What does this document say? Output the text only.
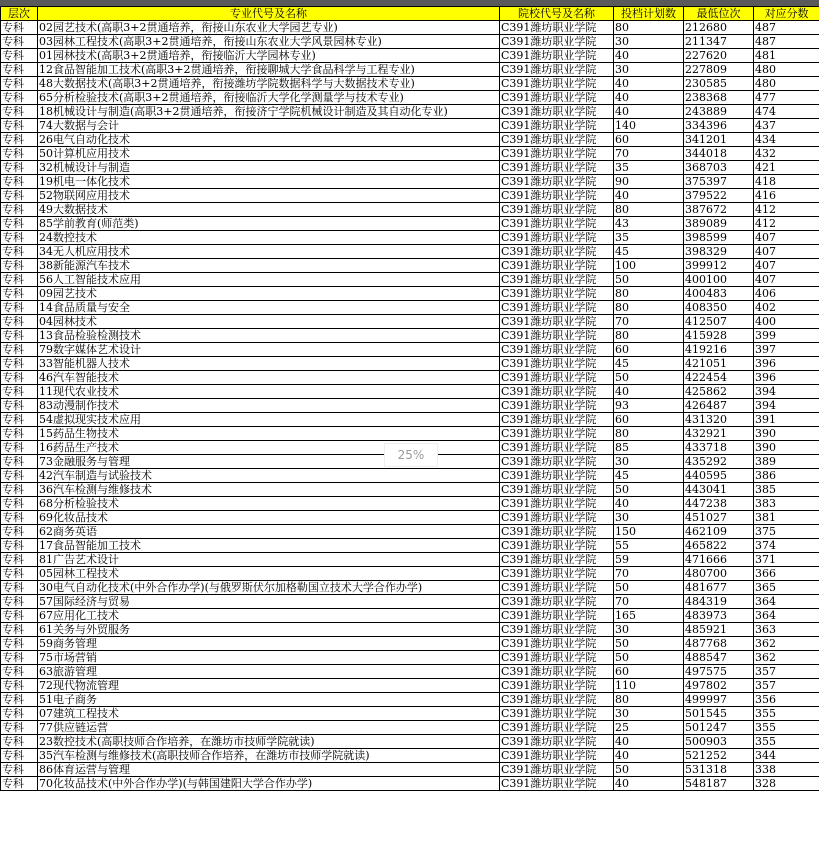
层次	专业代号及名称	院校代号及名称	投档计划数	最低位次	对应分数
专科	02园艺技术(高职3+2贯通培养，衔接山东农业大学园艺专业)	C391潍坊职业学院	80	212680	487
专科	03园林工程技术(高职3+2贯通培养，衔接山东农业大学风景园林专业)	C391潍坊职业学院	30	211347	487
专科	01园林技术(高职3+2贯通培养，衔接临沂大学园林专业)	C391潍坊职业学院	40	227620	481
专科	12食品智能加工技术(高职3+2贯通培养，衔接聊城大学食品科学与工程专业)	C391潍坊职业学院	30	227809	480
专科	48大数据技术(高职3+2贯通培养，衔接潍坊学院数据科学与大数据技术专业)	C391潍坊职业学院	40	230585	480
专科	65分析检验技术(高职3+2贯通培养，衔接临沂大学化学测量学与技术专业)	C391潍坊职业学院	40	238368	477
专科	18机械设计与制造(高职3+2贯通培养，衔接济宁学院机械设计制造及其自动化专业)	C391潍坊职业学院	40	243889	474
专科	74大数据与会计	C391潍坊职业学院	140	334396	437
专科	26电气自动化技术	C391潍坊职业学院	60	341201	434
专科	50计算机应用技术	C391潍坊职业学院	70	344018	432
专科	32机械设计与制造	C391潍坊职业学院	35	368703	421
专科	19机电一体化技术	C391潍坊职业学院	90	375397	418
专科	52物联网应用技术	C391潍坊职业学院	40	379522	416
专科	49大数据技术	C391潍坊职业学院	80	387672	412
专科	85学前教育(师范类)	C391潍坊职业学院	43	389089	412
专科	24数控技术	C391潍坊职业学院	35	398599	407
专科	34无人机应用技术	C391潍坊职业学院	45	398329	407
专科	38新能源汽车技术	C391潍坊职业学院	100	399912	407
专科	56人工智能技术应用	C391潍坊职业学院	50	400100	407
专科	09园艺技术	C391潍坊职业学院	80	400483	406
专科	14食品质量与安全	C391潍坊职业学院	80	408350	402
专科	04园林技术	C391潍坊职业学院	70	412507	400
专科	13食品检验检测技术	C391潍坊职业学院	80	415928	399
专科	79数字媒体艺术设计	C391潍坊职业学院	60	419216	397
专科	33智能机器人技术	C391潍坊职业学院	45	421051	396
专科	46汽车智能技术	C391潍坊职业学院	50	422454	396
专科	11现代农业技术	C391潍坊职业学院	40	425862	394
专科	83动漫制作技术	C391潍坊职业学院	93	426487	394
专科	54虚拟现实技术应用	C391潍坊职业学院	60	431320	391
专科	15药品生物技术	C391潍坊职业学院	80	432921	390
专科	16药品生产技术	C391潍坊职业学院	85	433718	390
专科	73金融服务与管理	C391潍坊职业学院	30	435292	389
专科	42汽车制造与试验技术	C391潍坊职业学院	45	440595	386
专科	36汽车检测与维修技术	C391潍坊职业学院	50	443041	385
专科	68分析检验技术	C391潍坊职业学院	40	447238	383
专科	69化妆品技术	C391潍坊职业学院	30	451027	381
专科	62商务英语	C391潍坊职业学院	150	462109	375
专科	17食品智能加工技术	C391潍坊职业学院	55	465822	374
专科	81广告艺术设计	C391潍坊职业学院	59	471666	371
专科	05园林工程技术	C391潍坊职业学院	70	480700	366
专科	30电气自动化技术(中外合作办学)(与俄罗斯伏尔加格勒国立技术大学合作办学)	C391潍坊职业学院	50	481677	365
专科	57国际经济与贸易	C391潍坊职业学院	70	484319	364
专科	67应用化工技术	C391潍坊职业学院	165	483973	364
专科	61关务与外贸服务	C391潍坊职业学院	30	485921	363
专科	59商务管理	C391潍坊职业学院	50	487768	362
专科	75市场营销	C391潍坊职业学院	50	488547	362
专科	63旅游管理	C391潍坊职业学院	60	497575	357
专科	72现代物流管理	C391潍坊职业学院	110	497802	357
专科	51电子商务	C391潍坊职业学院	80	499997	356
专科	07建筑工程技术	C391潍坊职业学院	30	501545	355
专科	77供应链运营	C391潍坊职业学院	25	501247	355
专科	23数控技术(高职技师合作培养，在潍坊市技师学院就读)	C391潍坊职业学院	40	500903	355
专科	35汽车检测与维修技术(高职技师合作培养，在潍坊市技师学院就读)	C391潍坊职业学院	40	521252	344
专科	86体育运营与管理	C391潍坊职业学院	50	531318	338
专科	70化妆品技术(中外合作办学)(与韩国建阳大学合作办学)	C391潍坊职业学院	40	548187	328
25%
